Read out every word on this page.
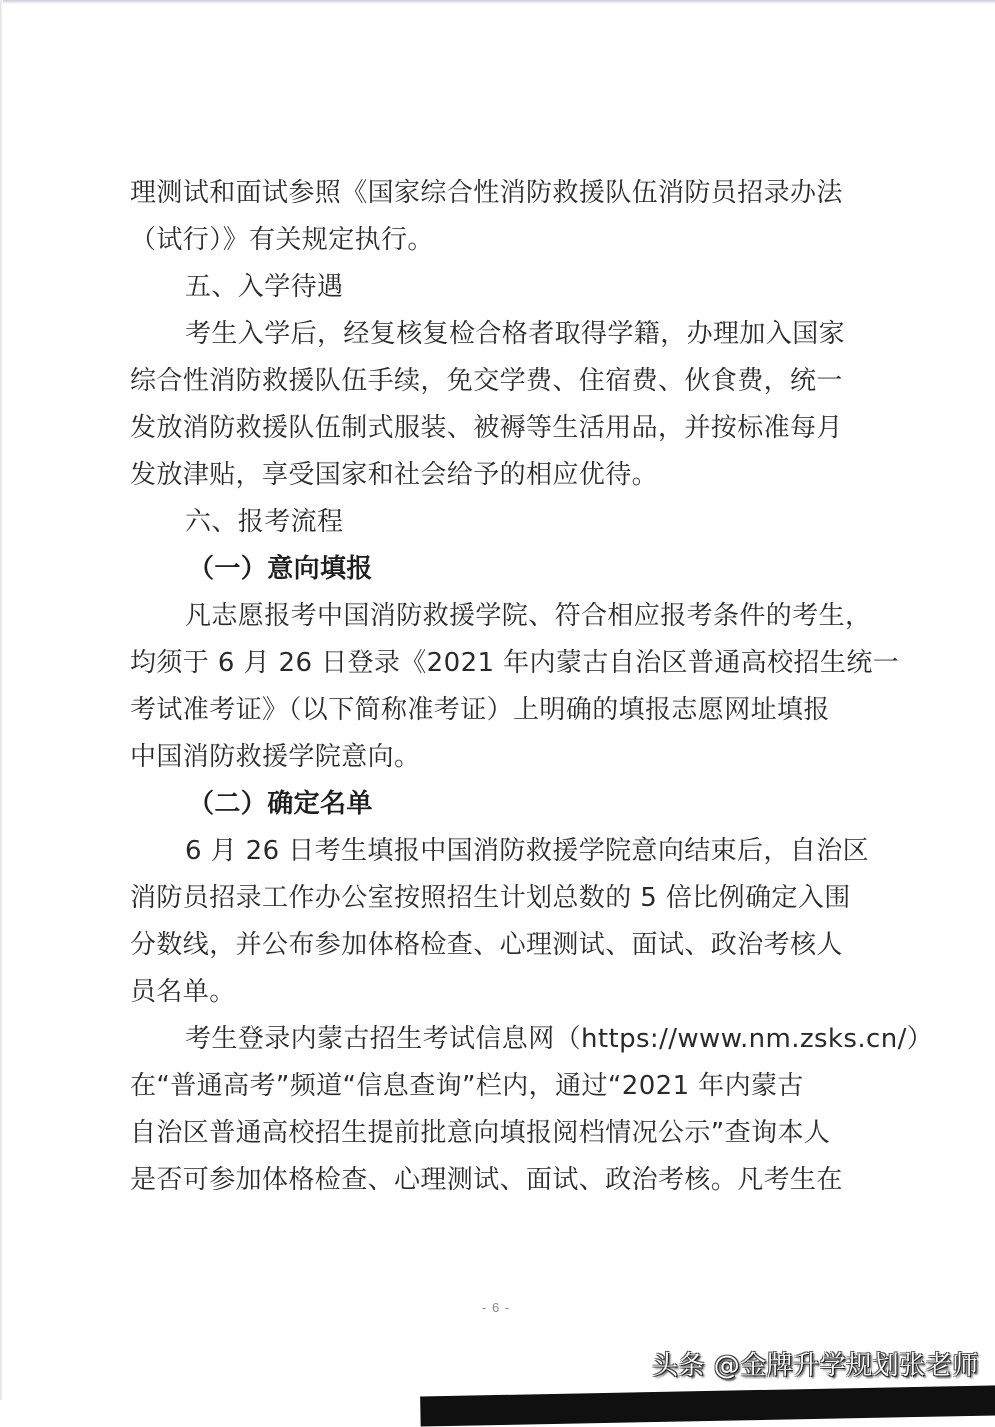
理测试和面试参照《国家综合性消防救援队伍消防员招录办法
（试行）》有关规定执行。
五、入学待遇
考生入学后，经复核复检合格者取得学籍，办理加入国家
综合性消防救援队伍手续，免交学费、住宿费、伙食费，统一
发放消防救援队伍制式服装、被褥等生活用品，并按标准每月
发放津贴，享受国家和社会给予的相应优待。
六、报考流程
（一）意向填报
凡志愿报考中国消防救援学院、符合相应报考条件的考生，
均须于 6 月 26 日登录《2021 年内蒙古自治区普通高校招生统一
考试准考证》（以下简称准考证）上明确的填报志愿网址填报
中国消防救援学院意向。
（二）确定名单
6 月 26 日考生填报中国消防救援学院意向结束后，自治区
消防员招录工作办公室按照招生计划总数的 5 倍比例确定入围
分数线，并公布参加体格检查、心理测试、面试、政治考核人
员名单。
考生登录内蒙古招生考试信息网（https://www.nm.zsks.cn/）
在“普通高考”频道“信息查询”栏内，通过“2021 年内蒙古
自治区普通高校招生提前批意向填报阅档情况公示”查询本人
是否可参加体格检查、心理测试、面试、政治考核。凡考生在
- 6 -
头条 @金牌升学规划张老师
